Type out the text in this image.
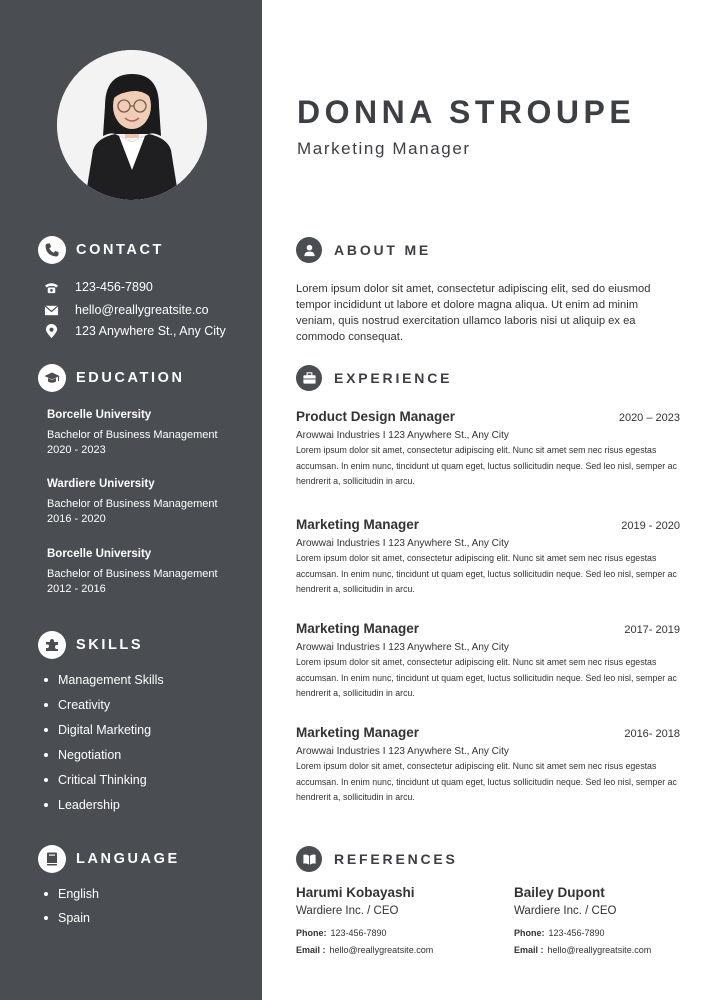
CONTACT
123-456-7890
hello@reallygreatsite.co
123 Anywhere St., Any City
EDUCATION
Borcelle University
Bachelor of Business Management
2020 - 2023
Wardiere University
Bachelor of Business Management
2016 - 2020
Borcelle University
Bachelor of Business Management
2012 - 2016
SKILLS
Management Skills
Creativity
Digital Marketing
Negotiation
Critical Thinking
Leadership
LANGUAGE
English
Spain
DONNA STROUPE
Marketing Manager
ABOUT ME
Lorem ipsum dolor sit amet, consectetur adipiscing elit, sed do eiusmod tempor incididunt ut labore et dolore magna aliqua. Ut enim ad minim veniam, quis nostrud exercitation ullamco laboris nisi ut aliquip ex ea commodo consequat.
EXPERIENCE
Product Design Manager	2020 – 2023
Arowwai Industries I 123 Anywhere St., Any City
Lorem ipsum dolor sit amet, consectetur adipiscing elit. Nunc sit amet sem nec risus egestas accumsan. In enim nunc, tincidunt ut quam eget, luctus sollicitudin neque. Sed leo nisl, semper ac hendrerit a, sollicitudin in arcu.
Marketing Manager	2019 - 2020
Arowwai Industries I 123 Anywhere St., Any City
Lorem ipsum dolor sit amet, consectetur adipiscing elit. Nunc sit amet sem nec risus egestas accumsan. In enim nunc, tincidunt ut quam eget, luctus sollicitudin neque. Sed leo nisl, semper ac hendrerit a, sollicitudin in arcu.
Marketing Manager	2017- 2019
Arowwai Industries I 123 Anywhere St., Any City
Lorem ipsum dolor sit amet, consectetur adipiscing elit. Nunc sit amet sem nec risus egestas accumsan. In enim nunc, tincidunt ut quam eget, luctus sollicitudin neque. Sed leo nisl, semper ac hendrerit a, sollicitudin in arcu.
Marketing Manager	2016- 2018
Arowwai Industries I 123 Anywhere St., Any City
Lorem ipsum dolor sit amet, consectetur adipiscing elit. Nunc sit amet sem nec risus egestas accumsan. In enim nunc, tincidunt ut quam eget, luctus sollicitudin neque. Sed leo nisl, semper ac hendrerit a, sollicitudin in arcu.
REFERENCES
Harumi Kobayashi
Wardiere Inc. / CEO
Phone: 123-456-7890
Email : hello@reallygreatsite.com
Bailey Dupont
Wardiere Inc. / CEO
Phone: 123-456-7890
Email : hello@reallygreatsite.com
